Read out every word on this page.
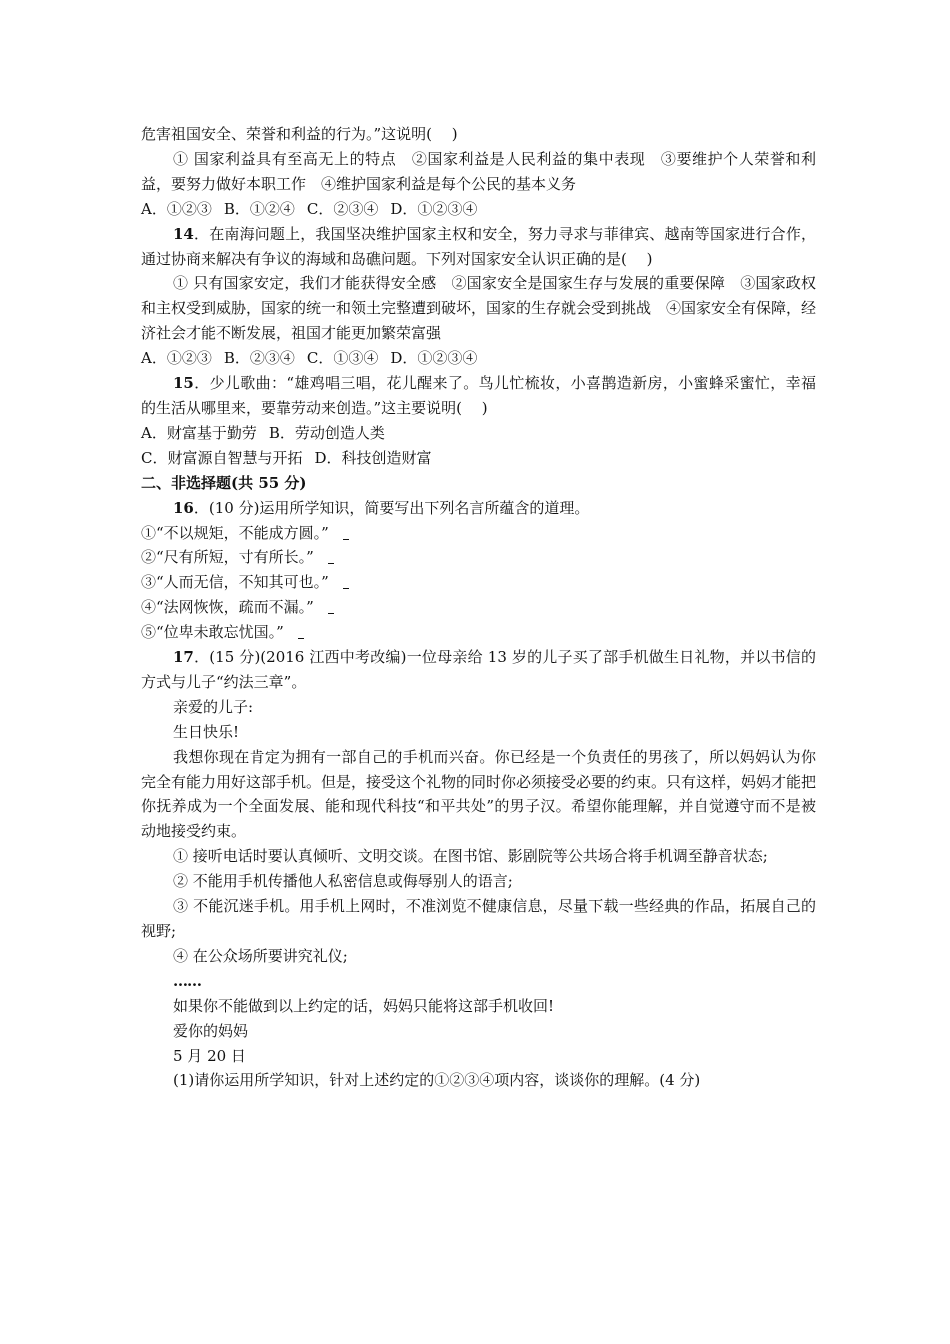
危害祖国安全、荣誉和利益的行为。”这说明(　 )

① 国家利益具有至高无上的特点　②国家利益是人民利益的集中表现　③要维护个人荣誉和利益，要努力做好本职工作　④维护国家利益是每个公民的基本义务

A．①②③ B．①②④ C．②③④ D．①②③④

14．在南海问题上，我国坚决维护国家主权和安全，努力寻求与菲律宾、越南等国家进行合作，通过协商来解决有争议的海域和岛礁问题。下列对国家安全认识正确的是(　 )

① 只有国家安定，我们才能获得安全感　②国家安全是国家生存与发展的重要保障　③国家政权和主权受到威胁，国家的统一和领土完整遭到破坏，国家的生存就会受到挑战　④国家安全有保障，经济社会才能不断发展，祖国才能更加繁荣富强

A．①②③ B．②③④ C．①③④ D．①②③④

15．少儿歌曲：“雄鸡唱三唱，花儿醒来了。鸟儿忙梳妆，小喜鹊造新房，小蜜蜂采蜜忙，幸福的生活从哪里来，要靠劳动来创造。”这主要说明(　 )

A．财富基于勤劳 B．劳动创造人类

C．财富源自智慧与开拓 D．科技创造财富

二、非选择题(共 55 分)

16．(10 分)运用所学知识，简要写出下列名言所蕴含的道理。

①“不以规矩，不能成方圆。”

②“尺有所短，寸有所长。”

③“人而无信，不知其可也。”

④“法网恢恢，疏而不漏。”

⑤“位卑未敢忘忧国。”

17．(15 分)(2016 江西中考改编)一位母亲给 13 岁的儿子买了部手机做生日礼物，并以书信的方式与儿子“约法三章”。

亲爱的儿子:

生日快乐!

我想你现在肯定为拥有一部自己的手机而兴奋。你已经是一个负责任的男孩了，所以妈妈认为你完全有能力用好这部手机。但是，接受这个礼物的同时你必须接受必要的约束。只有这样，妈妈才能把你抚养成为一个全面发展、能和现代科技“和平共处”的男子汉。希望你能理解，并自觉遵守而不是被动地接受约束。

① 接听电话时要认真倾听、文明交谈。在图书馆、影剧院等公共场合将手机调至静音状态;

② 不能用手机传播他人私密信息或侮辱别人的语言;

③ 不能沉迷手机。用手机上网时，不准浏览不健康信息，尽量下载一些经典的作品，拓展自己的视野;

④ 在公众场所要讲究礼仪;

……

如果你不能做到以上约定的话，妈妈只能将这部手机收回!

爱你的妈妈

5 月 20 日

(1)请你运用所学知识，针对上述约定的①②③④项内容，谈谈你的理解。(4 分)
